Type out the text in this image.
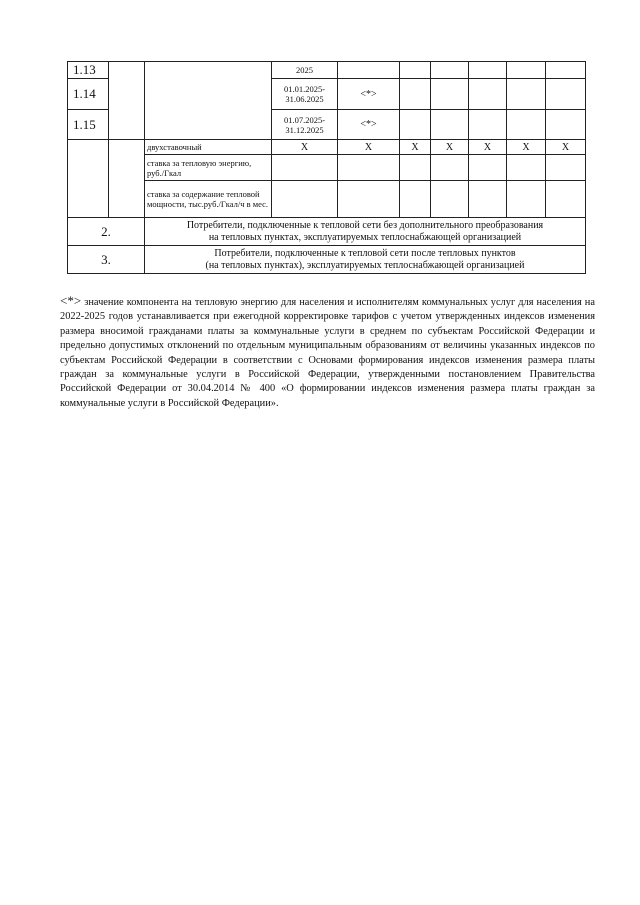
1.13			2025							
1.14			01.01.2025-31.06.2025	<*>						
1.15			01.07.2025-31.12.2025	<*>						
		двухставочный	Х	Х	Х	Х	Х	Х	Х	
		ставка за тепловую энергию, руб./Гкал								
		ставка за содержание тепловой мощности, тыс.руб./Гкал/ч в мес.								
2.		Потребители, подключенные к тепловой сети без дополнительного преобразования
на тепловых пунктах, эксплуатируемых теплоснабжающей организацией								

3.		Потребители, подключенные к тепловой сети после тепловых пунктов
(на тепловых пунктах), эксплуатируемых теплоснабжающей организацией								
<*> значение компонента на тепловую энергию для населения и исполнителям коммунальных услуг для населения на 2022-2025 годов устанавливается при ежегодной корректировке тарифов с учетом утвержденных индексов изменения размера вносимой гражданами платы за коммунальные услуги в среднем по субъектам Российской Федерации и предельно допустимых отклонений по отдельным муниципальным образованиям от величины указанных индексов по субъектам Российской Федерации в соответствии с Основами формирования индексов изменения размера платы граждан за коммунальные услуги в Российской Федерации, утвержденными постановлением Правительства Российской Федерации от 30.04.2014 № 400 «О формировании индексов изменения размера платы граждан за коммунальные услуги в Российской Федерации».
